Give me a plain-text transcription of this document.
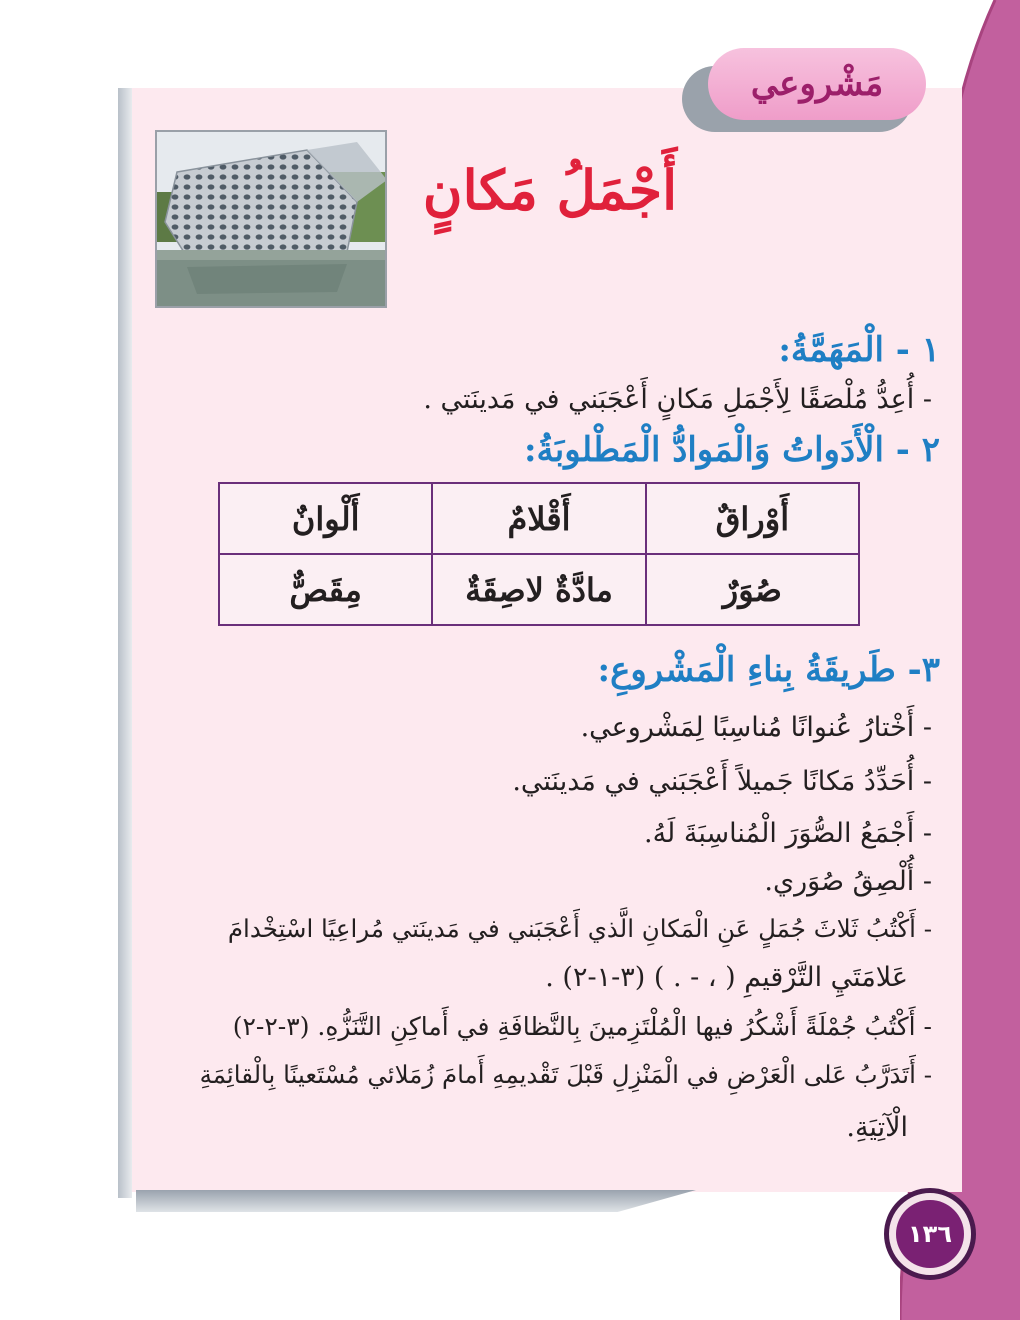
مَشْروعي
أَجْمَلُ مَكانٍ
١ - الْمَهَمَّةُ:
- أُعِدُّ مُلْصَقًا لِأَجْمَلِ مَكانٍ أَعْجَبَني في مَدينَتي .
٢ - الْأَدَواتُ وَالْمَوادُّ الْمَطْلوبَةُ:
أَوْراقٌ	أَقْلامٌ	أَلْوانٌ
صُوَرٌ	مادَّةٌ لاصِقَةٌ	مِقَصٌّ
٣- طَريقَةُ بِناءِ الْمَشْروعِ:
- أَخْتارُ عُنوانًا مُناسِبًا لِمَشْروعي.
- أُحَدِّدُ مَكانًا جَميلاً أَعْجَبَني في مَدينَتي.
- أَجْمَعُ الصُّوَرَ الْمُناسِبَةَ لَهُ.
- أُلْصِقُ صُوَري.
- أَكْتُبُ ثَلاثَ جُمَلٍ عَنِ الْمَكانِ الَّذي أَعْجَبَني في مَدينَتي مُراعِيًا اسْتِخْدامَ
عَلامَتَيِ التَّرْقيمِ ( ، - . ) (٣-١-٢) .
- أَكْتُبُ جُمْلَةً أَشْكُرُ فيها الْمُلْتَزِمينَ بِالنَّظافَةِ في أَماكِنِ التَّنَزُّهِ. (٣-٢-٢)
- أَتَدَرَّبُ عَلى الْعَرْضِ في الْمَنْزِلِ قَبْلَ تَقْديمِهِ أَمامَ زُمَلائي مُسْتَعينًا بِالْقائِمَةِ
الْآتِيَةِ.
١٣٦
